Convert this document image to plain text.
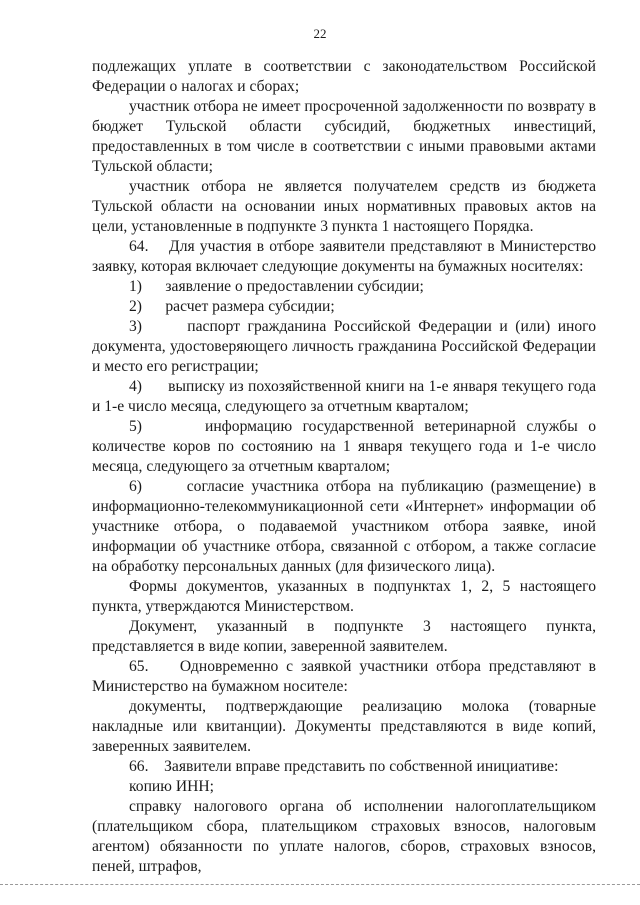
22

подлежащих уплате в соответствии с законодательством Российской Федерации о налогах и сборах;

участник отбора не имеет просроченной задолженности по возврату в бюджет Тульской области субсидий, бюджетных инвестиций, предоставленных в том числе в соответствии с иными правовыми актами Тульской области;

участник отбора не является получателем средств из бюджета Тульской области на основании иных нормативных правовых актов на цели, установленные в подпункте 3 пункта 1 настоящего Порядка.

64.    Для участия в отборе заявители представляют в Министерство заявку, которая включает следующие документы на бумажных носителях:

1)      заявление о предоставлении субсидии;

2)      расчет размера субсидии;

3)      паспорт гражданина Российской Федерации и (или) иного документа, удостоверяющего личность гражданина Российской Федерации и место его регистрации;

4)      выписку из похозяйственной книги на 1-е января текущего года и 1-е число месяца, следующего за отчетным кварталом;

5)      информацию государственной ветеринарной службы о количестве коров по состоянию на 1 января текущего года и 1-е число месяца, следующего за отчетным кварталом;

6)      согласие участника отбора на публикацию (размещение) в информационно-телекоммуникационной сети «Интернет» информации об участнике отбора, о подаваемой участником отбора заявке, иной информации об участнике отбора, связанной с отбором, а также согласие на обработку персональных данных (для физического лица).

Формы документов, указанных в подпунктах 1, 2, 5 настоящего пункта, утверждаются Министерством.

Документ, указанный в подпункте 3 настоящего пункта, представляется в виде копии, заверенной заявителем.

65.    Одновременно с заявкой участники отбора представляют в Министерство на бумажном носителе:

документы, подтверждающие реализацию молока (товарные накладные или квитанции). Документы представляются в виде копий, заверенных заявителем.

66.    Заявители вправе представить по собственной инициативе:

копию ИНН;

справку налогового органа об исполнении налогоплательщиком (плательщиком сбора, плательщиком страховых взносов, налоговым агентом) обязанности по уплате налогов, сборов, страховых взносов, пеней, штрафов,
